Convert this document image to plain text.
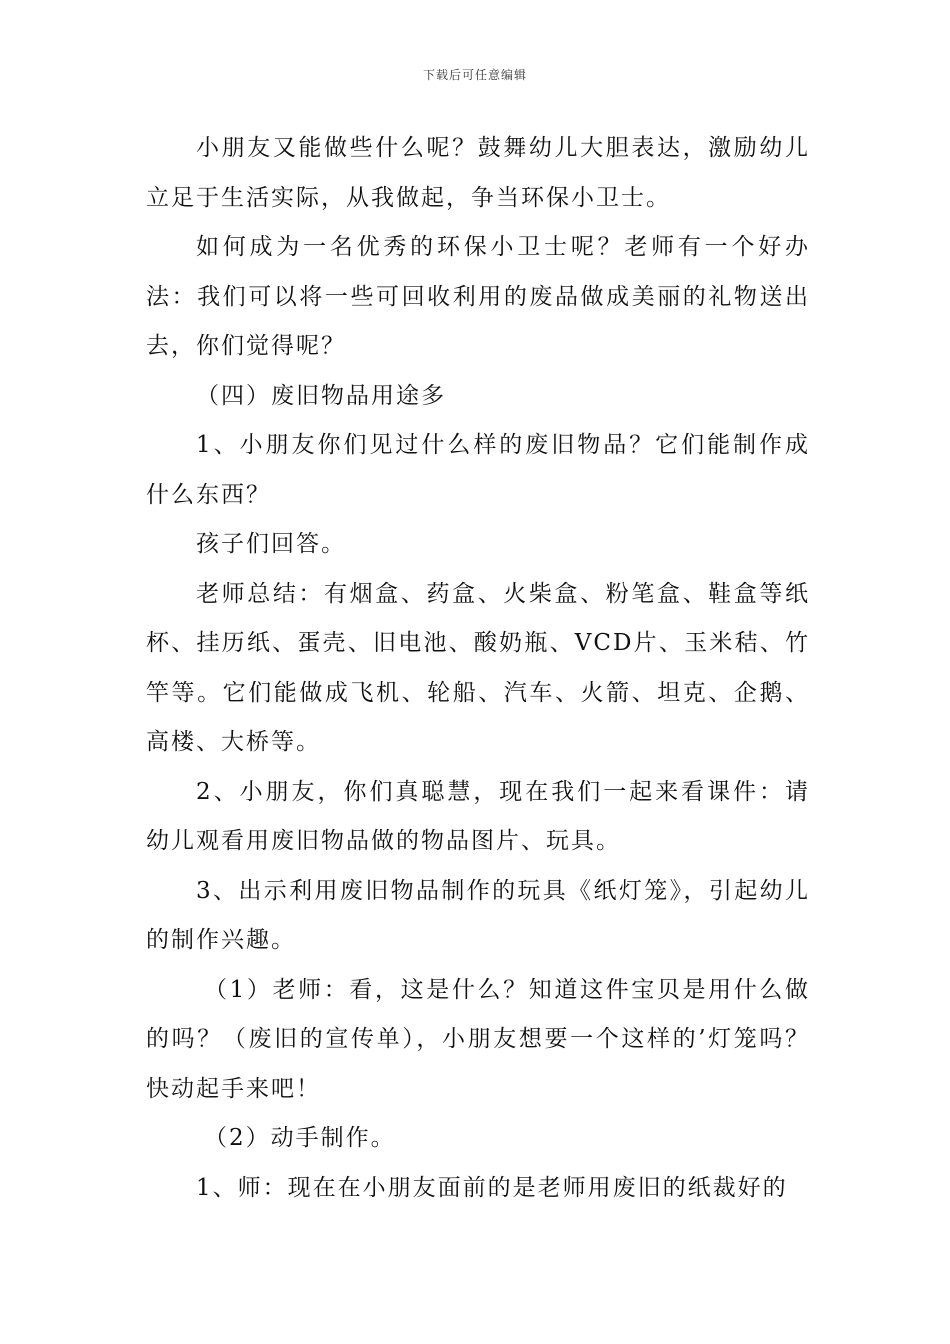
下载后可任意编辑

小朋友又能做些什么呢？鼓舞幼儿大胆表达，激励幼儿立足于生活实际，从我做起，争当环保小卫士。

如何成为一名优秀的环保小卫士呢？老师有一个好办法：我们可以将一些可回收利用的废品做成美丽的礼物送出去，你们觉得呢？

（四）废旧物品用途多

1、小朋友你们见过什么样的废旧物品？它们能制作成什么东西？

孩子们回答。

老师总结：有烟盒、药盒、火柴盒、粉笔盒、鞋盒等纸杯、挂历纸、蛋壳、旧电池、酸奶瓶、VCD片、玉米秸、竹竿等。它们能做成飞机、轮船、汽车、火箭、坦克、企鹅、高楼、大桥等。

2、小朋友，你们真聪慧，现在我们一起来看课件：请幼儿观看用废旧物品做的物品图片、玩具。

3、出示利用废旧物品制作的玩具《纸灯笼》，引起幼儿的制作兴趣。

（1）老师：看，这是什么？知道这件宝贝是用什么做的吗？（废旧的宣传单），小朋友想要一个这样的’灯笼吗？快动起手来吧！

（2）动手制作。

1、师：现在在小朋友面前的是老师用废旧的纸裁好的
